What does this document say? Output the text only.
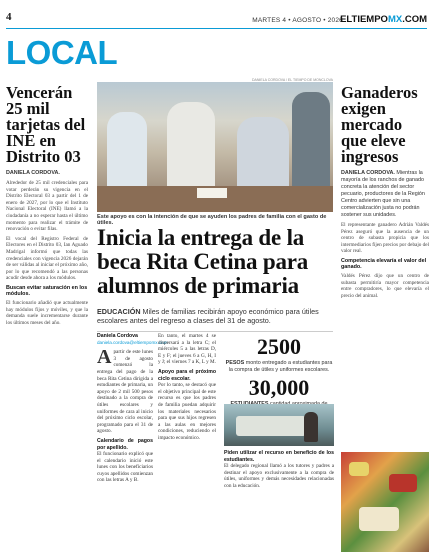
4	MARTES 4 • AGOSTO • 2026
ELTIEMPOMX.COM
LOCAL
Vencerán 25 mil tarjetas del INE en Distrito 03
DANIELA CORDOVA.
Alrededor de 25 mil credenciales para votar perderán su vigencia en el Distrito Electoral 03 a partir del 1 de enero de 2027, por lo que el Instituto Nacional Electoral (INE) llamó a la ciudadanía a no esperar hasta el último momento para realizar el trámite de renovación o evitar filas.
El vocal del Registro Federal de Electores en el Distrito 03, Ian Aguado Madrigal informó que todas las credenciales con vigencia 2026 dejarán de ser válidas al iniciar el próximo año, por lo que recomendó a las personas acudir desde ahora a los módulos.
Buscan evitar saturación en los módulos.
El funcionario añadió que actualmente hay módulos fijos y móviles, y que la demanda suele incrementarse durante los últimos meses del año.
DANIELA CORDOVA / EL TIEMPO DE MONCLOVA
Este apoyo es con la intención de que se ayuden los padres de familia con el gasto de útiles.
Inicia la entrega de la beca Rita Cetina para alumnos de primaria
EDUCACIÓN Miles de familias recibirán apoyo económico para útiles escolares antes del regreso a clases del 31 de agosto.
Daniela Cordova
daniela.cordova@eltiempomx.com
Apartir de este lunes 3 de agosto comenzó la entrega del pago de la beca Rita Cetina dirigida a estudiantes de primaria, un apoyo de 2 mil 500 pesos destinado a la compra de útiles escolares y uniformes de cara al inicio del próximo ciclo escolar, programado para el 31 de agosto.
Calendario de pagos por apellido.
El funcionario explicó que el calendario inició este lunes con los beneficiarios cuyos apellidos comienzan con las letras A y B.
En tanto, el martes 4 se dispersará a la letra C; el miércoles 5 a las letras D, E y F; el jueves 6 a G, H, I y J; el viernes 7 a K, L y M.
Apoyo para el próximo ciclo escolar.
Por lo tanto, se destacó que el objetivo principal de este recurso es que los padres de familia puedan adquirir los materiales necesarios para que sus hijos regresen a las aulas en mejores condiciones, reduciendo el impacto económico.
2500
PESOS monto entregado a estudiantes para la compra de útiles y uniformes escolares.
30,000
Piden utilizar el recurso en beneficio de los estudiantes.
El delegado regional llamó a los tutores y padres a destinar el apoyo exclusivamente a la compra de útiles, uniformes y demás necesidades relacionadas con la educación.
Ganaderos exigen mercado que eleve ingresos
DANIELA CORDOVA. Mientras la mayoría de los ranchos de ganado concreta la atención del sector pecuario, productores de la Región Centro advierten que sin una comercialización justa no podrán sostener sus unidades.
El representante ganadero Adrián Valdés Pérez aseguró que la ausencia de un centro de subasta propicia que los intermediarios fijen precios por debajo del valor real.
Competencia elevaría el valor del ganado.
Valdés Pérez dijo que un centro de subasta permitiría mayor competencia entre compradores, lo que elevaría el precio del animal.
